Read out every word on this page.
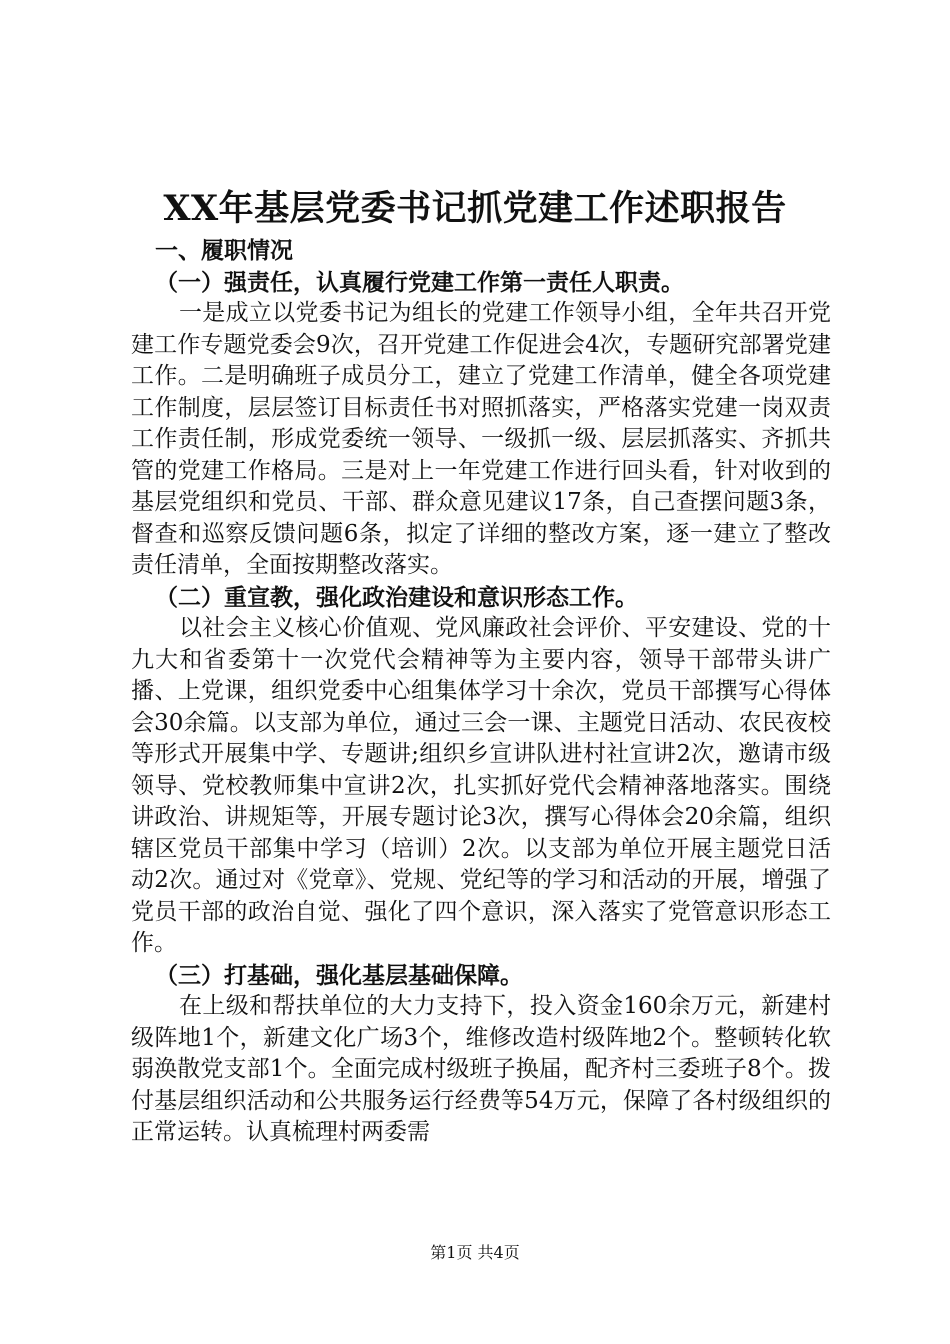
XX年基层党委书记抓党建工作述职报告
一、履职情况
（一）强责任，认真履行党建工作第一责任人职责。

一是成立以党委书记为组长的党建工作领导小组，全年共召开党建工作专题党委会9次，召开党建工作促进会4次，专题研究部署党建工作。二是明确班子成员分工，建立了党建工作清单，健全各项党建工作制度，层层签订目标责任书对照抓落实，严格落实党建一岗双责工作责任制，形成党委统一领导、一级抓一级、层层抓落实、齐抓共管的党建工作格局。三是对上一年党建工作进行回头看，针对收到的基层党组织和党员、干部、群众意见建议17条，自己查摆问题3条，督查和巡察反馈问题6条，拟定了详细的整改方案，逐一建立了整改责任清单，全面按期整改落实。

（二）重宣教，强化政治建设和意识形态工作。

以社会主义核心价值观、党风廉政社会评价、平安建设、党的十九大和省委第十一次党代会精神等为主要内容，领导干部带头讲广播、上党课，组织党委中心组集体学习十余次，党员干部撰写心得体会30余篇。以支部为单位，通过三会一课、主题党日活动、农民夜校等形式开展集中学、专题讲;组织乡宣讲队进村社宣讲2次，邀请市级领导、党校教师集中宣讲2次，扎实抓好党代会精神落地落实。围绕讲政治、讲规矩等，开展专题讨论3次，撰写心得体会20余篇，组织辖区党员干部集中学习（培训）2次。以支部为单位开展主题党日活动2次。通过对《党章》、党规、党纪等的学习和活动的开展，增强了党员干部的政治自觉、强化了四个意识，深入落实了党管意识形态工作。

（三）打基础，强化基层基础保障。

在上级和帮扶单位的大力支持下，投入资金160余万元，新建村级阵地1个，新建文化广场3个，维修改造村级阵地2个。整顿转化软弱涣散党支部1个。全面完成村级班子换届，配齐村三委班子8个。拨付基层组织活动和公共服务运行经费等54万元，保障了各村级组织的正常运转。认真梳理村两委需

第1页 共4页
